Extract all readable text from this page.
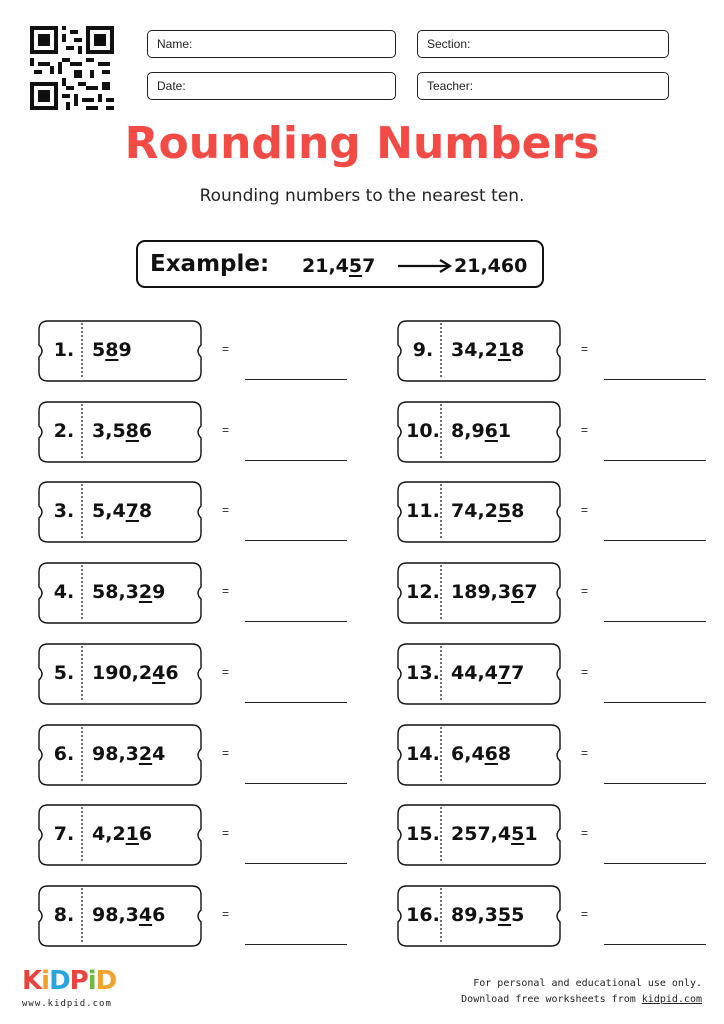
Name:	Section:
Date:	Teacher:
Rounding Numbers
Rounding numbers to the nearest ten.
Example: 21,457	21,460
1. 589	=
2. 3,586	=
3. 5,478	=
4. 58,329	=
5. 190,246	=
6. 98,324	=
7. 4,216	=
8. 98,346	=
9. 34,218	=
10. 8,961	=
11. 74,258	=
12. 189,367	=
13. 44,477	=
14. 6,468	=
15. 257,451	=
16. 89,355	=
KiDPiD
www.kidpid.com
For personal and educational use only.
Download free worksheets from kidpid.com
